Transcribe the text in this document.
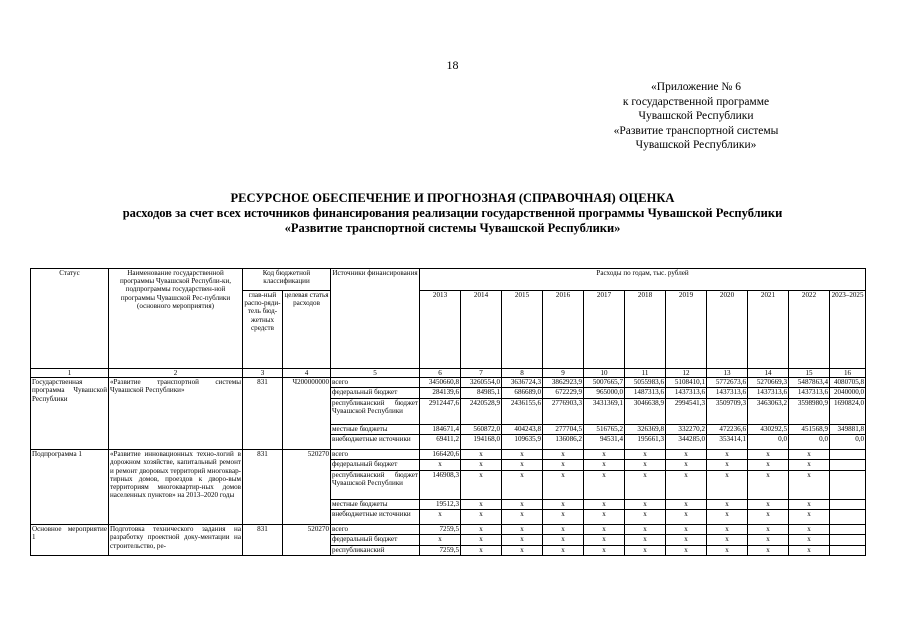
18
«Приложение № 6
к государственной программе
Чувашской Республики
«Развитие транспортной системы
Чувашской Республики»
РЕСУРСНОЕ ОБЕСПЕЧЕНИЕ И ПРОГНОЗНАЯ (СПРАВОЧНАЯ) ОЦЕНКА
расходов за счет всех источников финансирования реализации государственной программы Чувашской Республики
«Развитие транспортной системы Чувашской Республики»
Статус	Наименование государственной программы Чувашской Республи-ки, подпрограммы государствен-ной программы Чувашской Рес-публики (основного мероприятия)	Код бюджетной классификации		Источники финансирования	Расходы по годам, тыс. рублей										
		глав-ный распо-ряди-тель бюд-жетных средств	целевая статья расходов		2013	2014	2015	2016	2017	2018	2019	2020	2021	2022	2023–2025
1	2	3	4	5	6	7	8	9	10	11	12	13	14	15	16
Государственная программа Чувашской Республики	«Развитие транспортной системы Чувашской Республики»	831	Ч200000000	всего	3450660,8	3260554,0	3636724,3	3862923,9	5007665,7	5055983,6	5108410,1	5772673,6	5270669,3	5487863,4	4080705,8
				федеральный бюджет	284139,6	84985,1	686689,0	672229,9	965000,0	1487313,6	1437313,6	1437313,6	1437313,6	1437313,6	2040000,0
				республиканский бюджет Чувашской Республики	2912447,6	2420528,9	2436155,6	2776903,3	3431369,1	3046638,9	2994541,3	3509709,3	3463063,2	3598980,9	1690824,0
				местные бюджеты	184671,4	560872,0	404243,8	277704,5	516765,2	326369,8	332270,2	472236,6	430292,5	451568,9	349881,8
				внебюджетные источники	69411,2	194168,0	109635,9	136086,2	94531,4	195661,3	344285,0	353414,1	0,0	0,0	0,0
Подпрограмма 1	«Развитие инновационных техно-логий в дорожном хозяйстве, капитальный ремонт и ремонт дворовых территорий многоквар-тирных домов, проездов к дворо-вым территориям многоквартир-ных домов населенных пунктов» на 2013–2020 годы	831	520270	всего	166420,6	x	x	x	x	x	x	x	x	x	
				федеральный бюджет	x	x	x	x	x	x	x	x	x	x	
				республиканский бюджет Чувашской Республики	146908,3	x	x	x	x	x	x	x	x	x	
				местные бюджеты	19512,3	x	x	x	x	x	x	x	x	x	
				внебюджетные источники	x	x	x	x	x	x	x	x	x	x	
Основное мероприятие 1	Подготовка технического задания на разработку проектной доку-ментации на строительство, ре-	831	520270	всего	7259,5	x	x	x	x	x	x	x	x	x	
				федеральный бюджет	x	x	x	x	x	x	x	x	x	x	
				республиканский	7259,5	x	x	x	x	x	x	x	x	x	
